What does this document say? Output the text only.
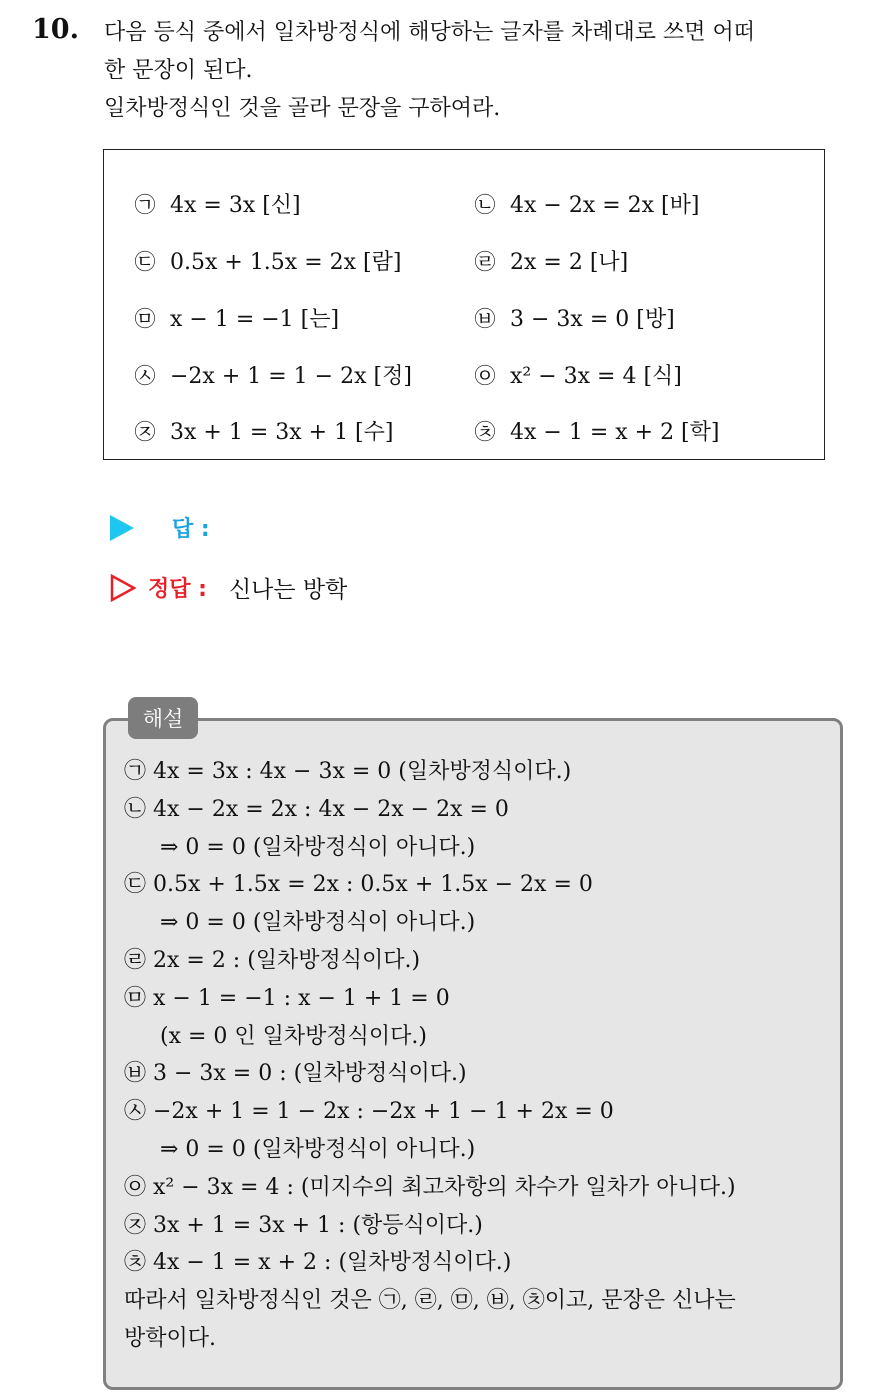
10. 다음 등식 중에서 일차방정식에 해당하는 글자를 차례대로 쓰면 어떠
한 문장이 된다.
일차방정식인 것을 골라 문장을 구하여라.
㉠ 4x = 3x [신]	㉡ 4x − 2x = 2x [바]
㉢ 0.5x + 1.5x = 2x [람]	㉣ 2x = 2 [나]
㉤ x − 1 = −1 [는]	㉥ 3 − 3x = 0 [방]
㉦ −2x + 1 = 1 − 2x [정]	㉧ x² − 3x = 4 [식]
㉨ 3x + 1 = 3x + 1 [수]	㉩ 4x − 1 = x + 2 [학]
답 :
정답 : 신나는 방학
해설
㉠ 4x = 3x : 4x − 3x = 0 (일차방정식이다.)
㉡ 4x − 2x = 2x : 4x − 2x − 2x = 0
⇒ 0 = 0 (일차방정식이 아니다.)
㉢ 0.5x + 1.5x = 2x : 0.5x + 1.5x − 2x = 0
⇒ 0 = 0 (일차방정식이 아니다.)
㉣ 2x = 2 : (일차방정식이다.)
㉤ x − 1 = −1 : x − 1 + 1 = 0
(x = 0 인 일차방정식이다.)
㉥ 3 − 3x = 0 : (일차방정식이다.)
㉦ −2x + 1 = 1 − 2x : −2x + 1 − 1 + 2x = 0
⇒ 0 = 0 (일차방정식이 아니다.)
㉧ x² − 3x = 4 : (미지수의 최고차항의 차수가 일차가 아니다.)
㉨ 3x + 1 = 3x + 1 : (항등식이다.)
㉩ 4x − 1 = x + 2 : (일차방정식이다.)
따라서 일차방정식인 것은 ㉠, ㉣, ㉤, ㉥, ㉩이고, 문장은 신나는
방학이다.
